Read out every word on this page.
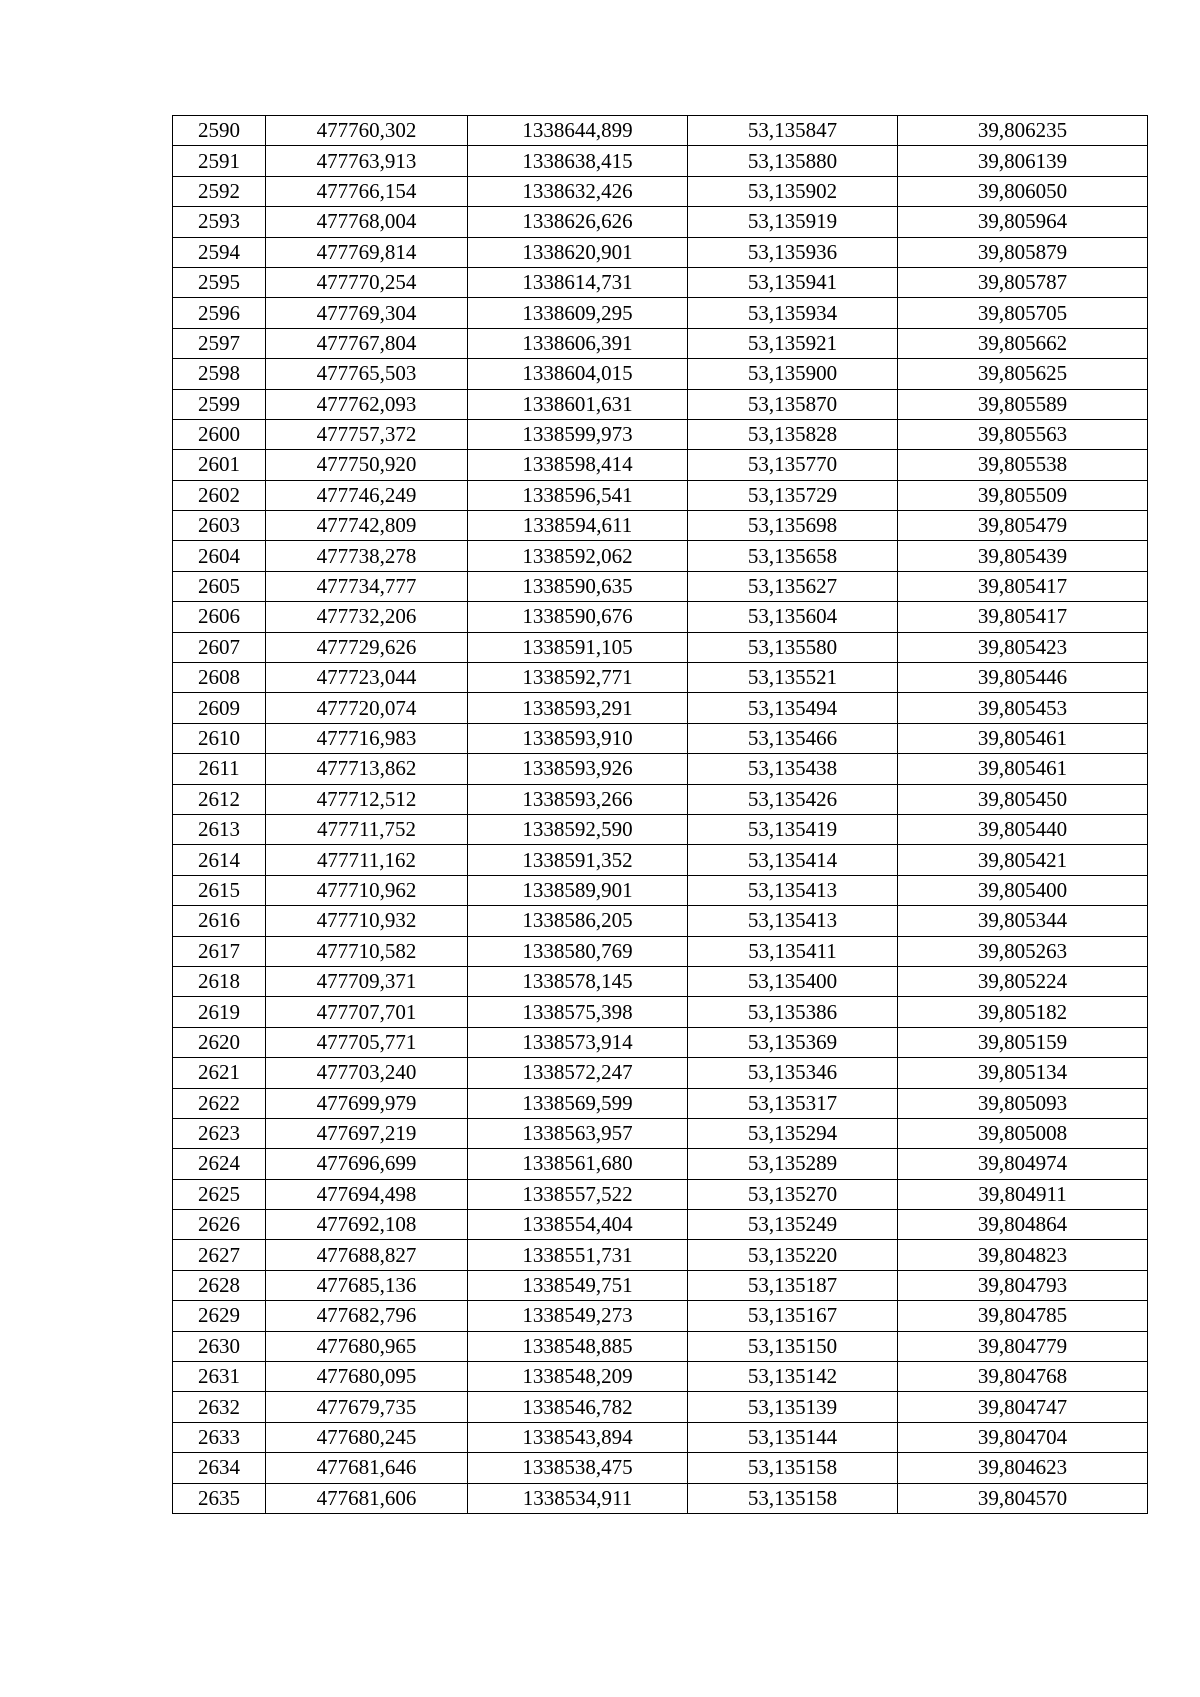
2590	477760,302	1338644,899	53,135847	39,806235
2591	477763,913	1338638,415	53,135880	39,806139
2592	477766,154	1338632,426	53,135902	39,806050
2593	477768,004	1338626,626	53,135919	39,805964
2594	477769,814	1338620,901	53,135936	39,805879
2595	477770,254	1338614,731	53,135941	39,805787
2596	477769,304	1338609,295	53,135934	39,805705
2597	477767,804	1338606,391	53,135921	39,805662
2598	477765,503	1338604,015	53,135900	39,805625
2599	477762,093	1338601,631	53,135870	39,805589
2600	477757,372	1338599,973	53,135828	39,805563
2601	477750,920	1338598,414	53,135770	39,805538
2602	477746,249	1338596,541	53,135729	39,805509
2603	477742,809	1338594,611	53,135698	39,805479
2604	477738,278	1338592,062	53,135658	39,805439
2605	477734,777	1338590,635	53,135627	39,805417
2606	477732,206	1338590,676	53,135604	39,805417
2607	477729,626	1338591,105	53,135580	39,805423
2608	477723,044	1338592,771	53,135521	39,805446
2609	477720,074	1338593,291	53,135494	39,805453
2610	477716,983	1338593,910	53,135466	39,805461
2611	477713,862	1338593,926	53,135438	39,805461
2612	477712,512	1338593,266	53,135426	39,805450
2613	477711,752	1338592,590	53,135419	39,805440
2614	477711,162	1338591,352	53,135414	39,805421
2615	477710,962	1338589,901	53,135413	39,805400
2616	477710,932	1338586,205	53,135413	39,805344
2617	477710,582	1338580,769	53,135411	39,805263
2618	477709,371	1338578,145	53,135400	39,805224
2619	477707,701	1338575,398	53,135386	39,805182
2620	477705,771	1338573,914	53,135369	39,805159
2621	477703,240	1338572,247	53,135346	39,805134
2622	477699,979	1338569,599	53,135317	39,805093
2623	477697,219	1338563,957	53,135294	39,805008
2624	477696,699	1338561,680	53,135289	39,804974
2625	477694,498	1338557,522	53,135270	39,804911
2626	477692,108	1338554,404	53,135249	39,804864
2627	477688,827	1338551,731	53,135220	39,804823
2628	477685,136	1338549,751	53,135187	39,804793
2629	477682,796	1338549,273	53,135167	39,804785
2630	477680,965	1338548,885	53,135150	39,804779
2631	477680,095	1338548,209	53,135142	39,804768
2632	477679,735	1338546,782	53,135139	39,804747
2633	477680,245	1338543,894	53,135144	39,804704
2634	477681,646	1338538,475	53,135158	39,804623
2635	477681,606	1338534,911	53,135158	39,804570
